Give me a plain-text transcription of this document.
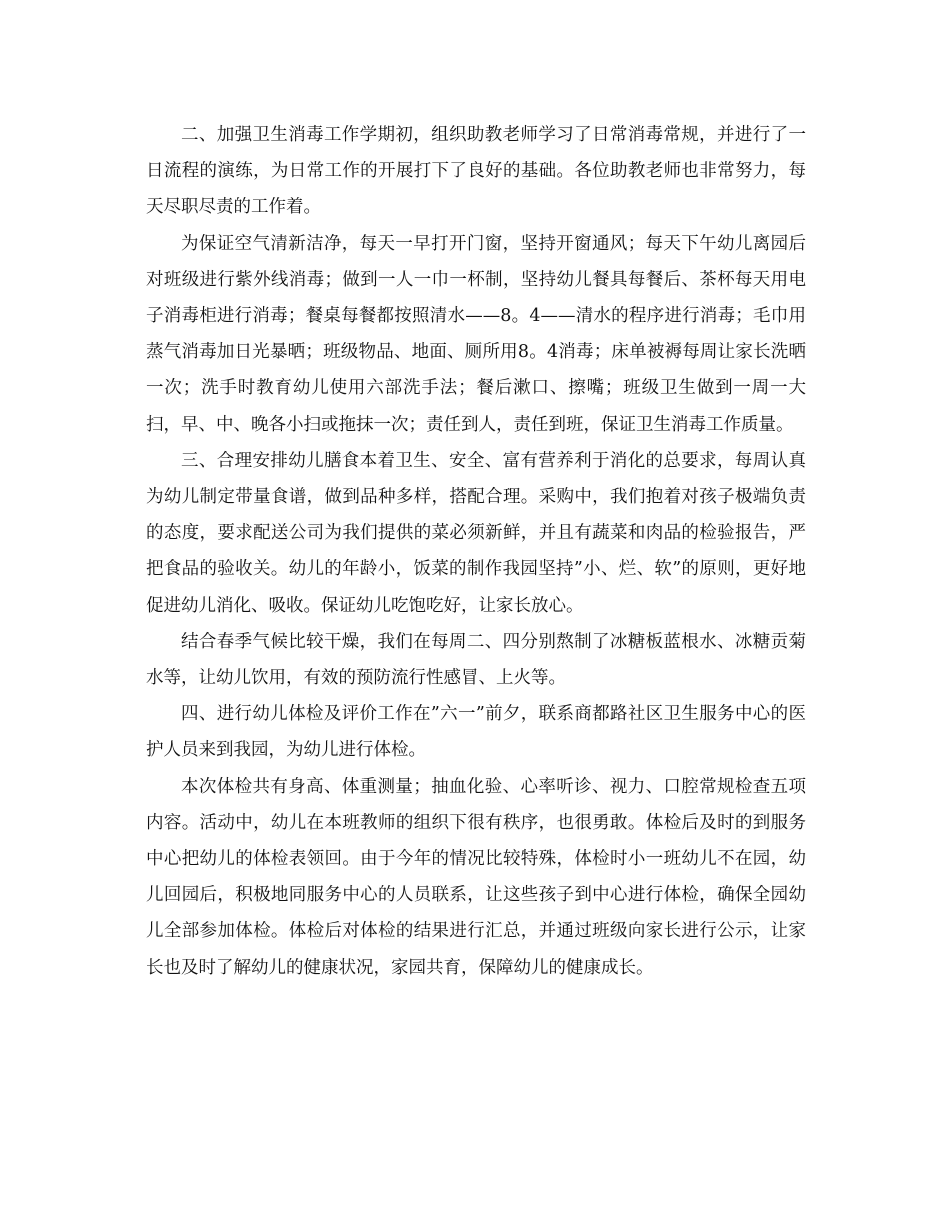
二、加强卫生消毒工作学期初，组织助教老师学习了日常消毒常规，并进行了一日流程的演练，为日常工作的开展打下了良好的基础。各位助教老师也非常努力，每天尽职尽责的工作着。

为保证空气清新洁净，每天一早打开门窗，坚持开窗通风；每天下午幼儿离园后对班级进行紫外线消毒；做到一人一巾一杯制，坚持幼儿餐具每餐后、茶杯每天用电子消毒柜进行消毒；餐桌每餐都按照清水——8。4——清水的程序进行消毒；毛巾用蒸气消毒加日光暴晒；班级物品、地面、厕所用8。4消毒；床单被褥每周让家长洗晒一次；洗手时教育幼儿使用六部洗手法；餐后漱口、擦嘴；班级卫生做到一周一大扫，早、中、晚各小扫或拖抹一次；责任到人，责任到班，保证卫生消毒工作质量。

三、合理安排幼儿膳食本着卫生、安全、富有营养利于消化的总要求，每周认真为幼儿制定带量食谱，做到品种多样，搭配合理。采购中，我们抱着对孩子极端负责的态度，要求配送公司为我们提供的菜必须新鲜，并且有蔬菜和肉品的检验报告，严把食品的验收关。幼儿的年龄小，饭菜的制作我园坚持”小、烂、软”的原则，更好地促进幼儿消化、吸收。保证幼儿吃饱吃好，让家长放心。

结合春季气候比较干燥，我们在每周二、四分别熬制了冰糖板蓝根水、冰糖贡菊水等，让幼儿饮用，有效的预防流行性感冒、上火等。

四、进行幼儿体检及评价工作在”六一”前夕，联系商都路社区卫生服务中心的医护人员来到我园，为幼儿进行体检。

本次体检共有身高、体重测量；抽血化验、心率听诊、视力、口腔常规检查五项内容。活动中，幼儿在本班教师的组织下很有秩序，也很勇敢。体检后及时的到服务中心把幼儿的体检表领回。由于今年的情况比较特殊，体检时小一班幼儿不在园，幼儿回园后，积极地同服务中心的人员联系，让这些孩子到中心进行体检，确保全园幼儿全部参加体检。体检后对体检的结果进行汇总，并通过班级向家长进行公示，让家长也及时了解幼儿的健康状况，家园共育，保障幼儿的健康成长。
